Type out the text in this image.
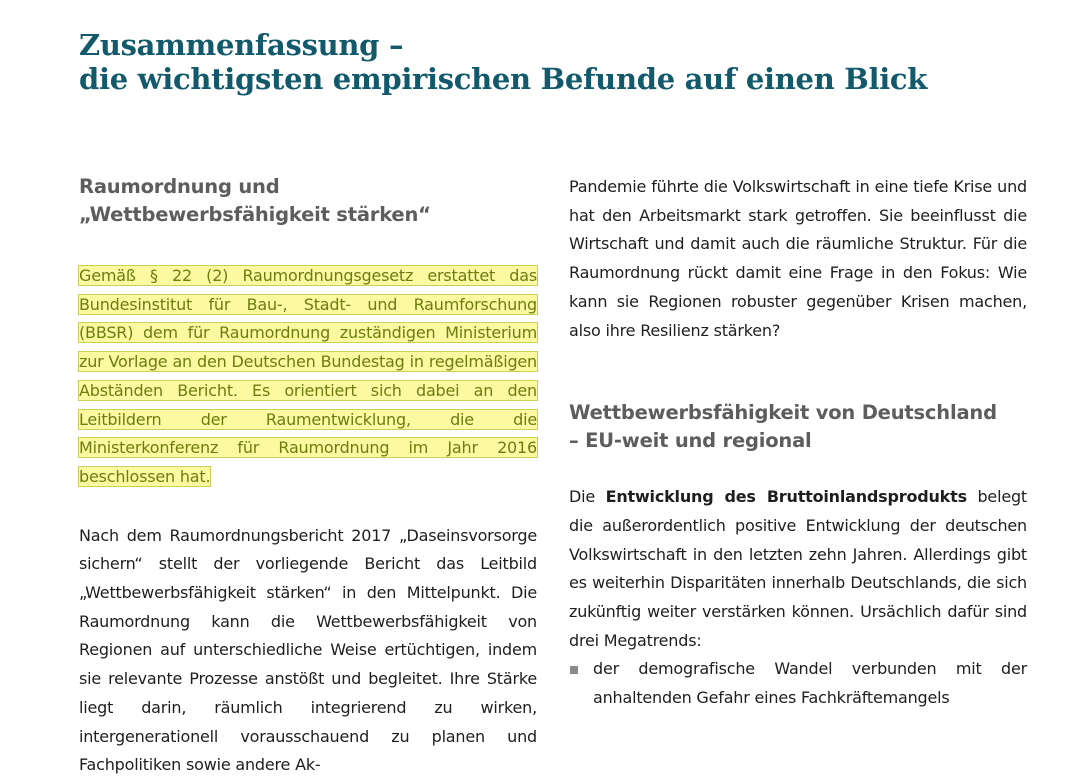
Zusammenfassung –
die wichtigsten empirischen Befunde auf einen Blick
Raumordnung und
„Wettbewerbsfähigkeit stärken“

Gemäß § 22 (2) Raumordnungsgesetz erstattet das Bundesinstitut für Bau-, Stadt- und Raumforschung (BBSR) dem für Raumordnung zuständigen Ministerium zur Vorlage an den Deutschen Bundestag in regelmäßigen Abständen Bericht. Es orientiert sich dabei an den Leitbildern der Raumentwicklung, die die Ministerkonferenz für Raumordnung im Jahr 2016 beschlossen hat.

Nach dem Raumordnungsbericht 2017 „Daseinsvorsorge sichern“ stellt der vorliegende Bericht das Leitbild „Wettbewerbsfähigkeit stärken“ in den Mittelpunkt. Die Raumordnung kann die Wettbewerbsfähigkeit von Regionen auf unterschiedliche Weise ertüchtigen, indem sie relevante Prozesse anstößt und begleitet. Ihre Stärke liegt darin, räumlich integrierend zu wirken, intergenerationell vorausschauend zu planen und Fachpolitiken sowie andere Ak-

Pandemie führte die Volkswirtschaft in eine tiefe Krise und hat den Arbeitsmarkt stark getroffen. Sie beeinflusst die Wirtschaft und damit auch die räumliche Struktur. Für die Raumordnung rückt damit eine Frage in den Fokus: Wie kann sie Regionen robuster gegenüber Krisen machen, also ihre Resilienz stärken?

Wettbewerbsfähigkeit von Deutschland
– EU-weit und regional

Die Entwicklung des Bruttoinlandsprodukts belegt die außerordentlich positive Entwicklung der deutschen Volkswirtschaft in den letzten zehn Jahren. Allerdings gibt es weiterhin Disparitäten innerhalb Deutschlands, die sich zukünftig weiter verstärken können. Ursächlich dafür sind drei Megatrends:

der demografische Wandel verbunden mit der anhaltenden Gefahr eines Fachkräftemangels
